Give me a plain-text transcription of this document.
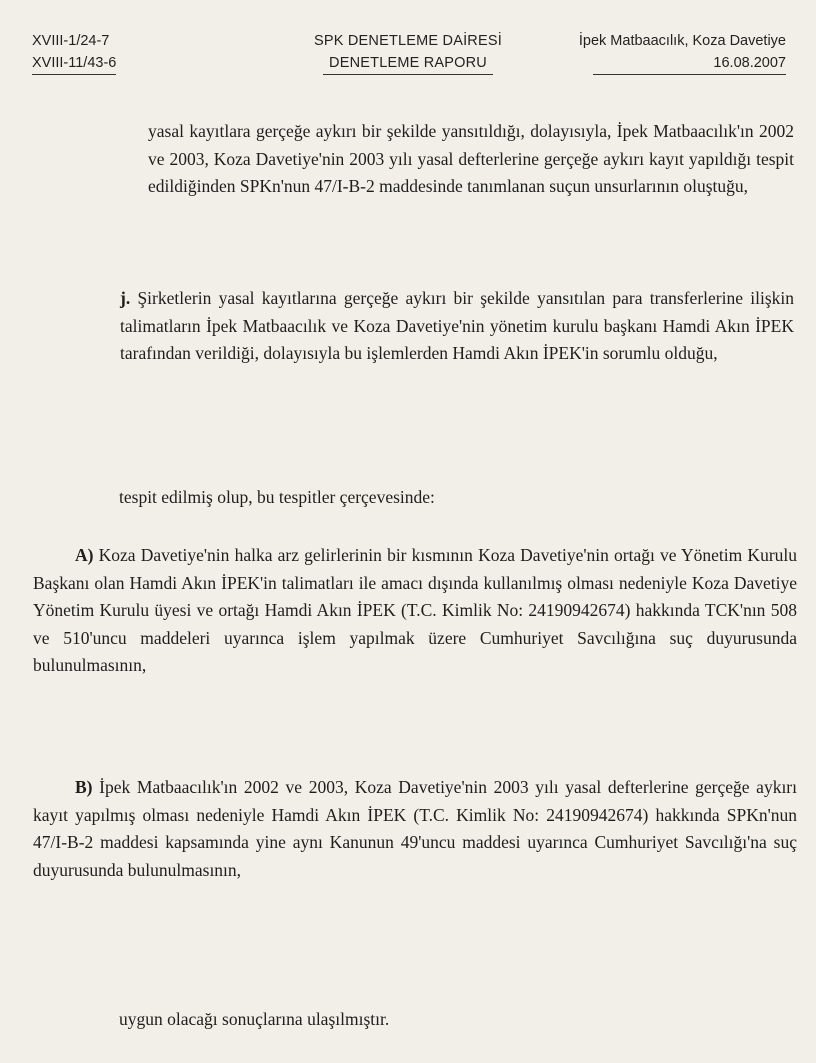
XVIII-1/24-7
XVIII-11/43-6
SPK DENETLEME DAİRESİ
DENETLEME RAPORU
İpek Matbaacılık, Koza Davetiye
16.08.2007
yasal kayıtlara gerçeğe aykırı bir şekilde yansıtıldığı, dolayısıyla, İpek Matbaacılık'ın 2002 ve 2003, Koza Davetiye'nin 2003 yılı yasal defterlerine gerçeğe aykırı kayıt yapıldığı tespit edildiğinden SPKn'nun 47/I-B-2 maddesinde tanımlanan suçun unsurlarının oluştuğu,
j. Şirketlerin yasal kayıtlarına gerçeğe aykırı bir şekilde yansıtılan para transferlerine ilişkin talimatların İpek Matbaacılık ve Koza Davetiye'nin yönetim kurulu başkanı Hamdi Akın İPEK tarafından verildiği, dolayısıyla bu işlemlerden Hamdi Akın İPEK'in sorumlu olduğu,
tespit edilmiş olup, bu tespitler çerçevesinde:
A) Koza Davetiye'nin halka arz gelirlerinin bir kısmının Koza Davetiye'nin ortağı ve Yönetim Kurulu Başkanı olan Hamdi Akın İPEK'in talimatları ile amacı dışında kullanılmış olması nedeniyle Koza Davetiye Yönetim Kurulu üyesi ve ortağı Hamdi Akın İPEK (T.C. Kimlik No: 24190942674) hakkında TCK'nın 508 ve 510'uncu maddeleri uyarınca işlem yapılmak üzere Cumhuriyet Savcılığına suç duyurusunda bulunulmasının,
B) İpek Matbaacılık'ın 2002 ve 2003, Koza Davetiye'nin 2003 yılı yasal defterlerine gerçeğe aykırı kayıt yapılmış olması nedeniyle Hamdi Akın İPEK (T.C. Kimlik No: 24190942674) hakkında SPKn'nun 47/I-B-2 maddesi kapsamında yine aynı Kanunun 49'uncu maddesi uyarınca Cumhuriyet Savcılığı'na suç duyurusunda bulunulmasının,
uygun olacağı sonuçlarına ulaşılmıştır.
